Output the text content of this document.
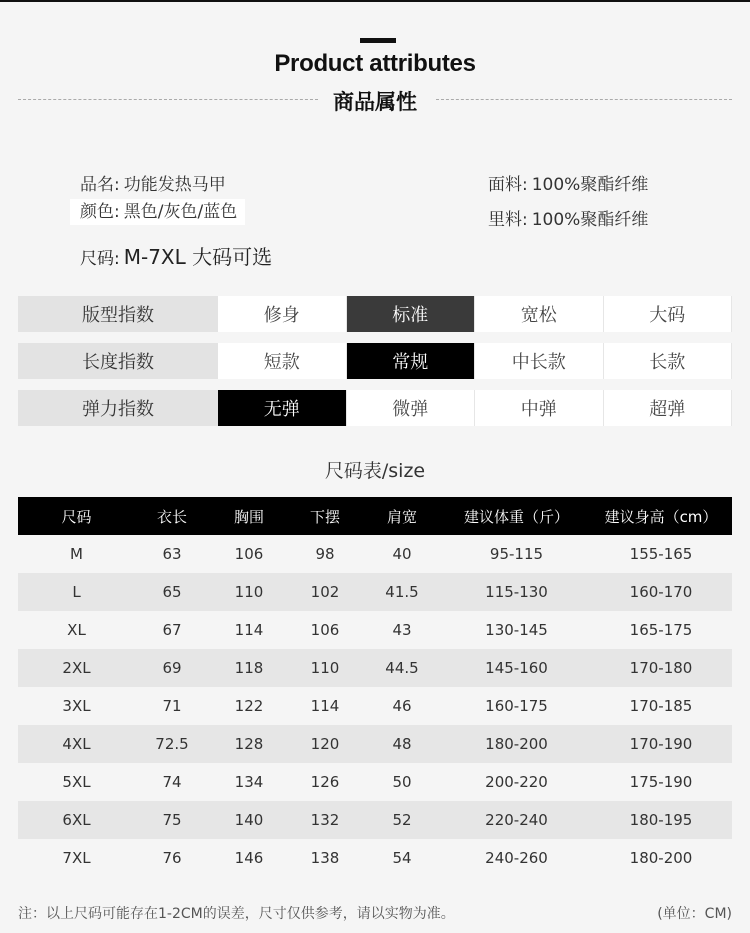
Product attributes
商品属性
品名: 功能发热马甲
颜色: 黑色/灰色/蓝色
尺码: M-7XL 大码可选
面料: 100%聚酯纤维
里料: 100%聚酯纤维
版型指数	修身	标准	宽松	大码
长度指数	短款	常规	中长款	长款
弹力指数	无弹	微弹	中弹	超弹
尺码表/size
尺码	衣长	胸围	下摆	肩宽	建议体重（斤）	建议身高（cm）
M	63	106	98	40	95-115	155-165
L	65	110	102	41.5	115-130	160-170
XL	67	114	106	43	130-145	165-175
2XL	69	118	110	44.5	145-160	170-180
3XL	71	122	114	46	160-175	170-185
4XL	72.5	128	120	48	180-200	170-190
5XL	74	134	126	50	200-220	175-190
6XL	75	140	132	52	220-240	180-195
7XL	76	146	138	54	240-260	180-200
注：以上尺码可能存在1-2CM的误差，尺寸仅供参考，请以实物为准。	(单位：CM)
